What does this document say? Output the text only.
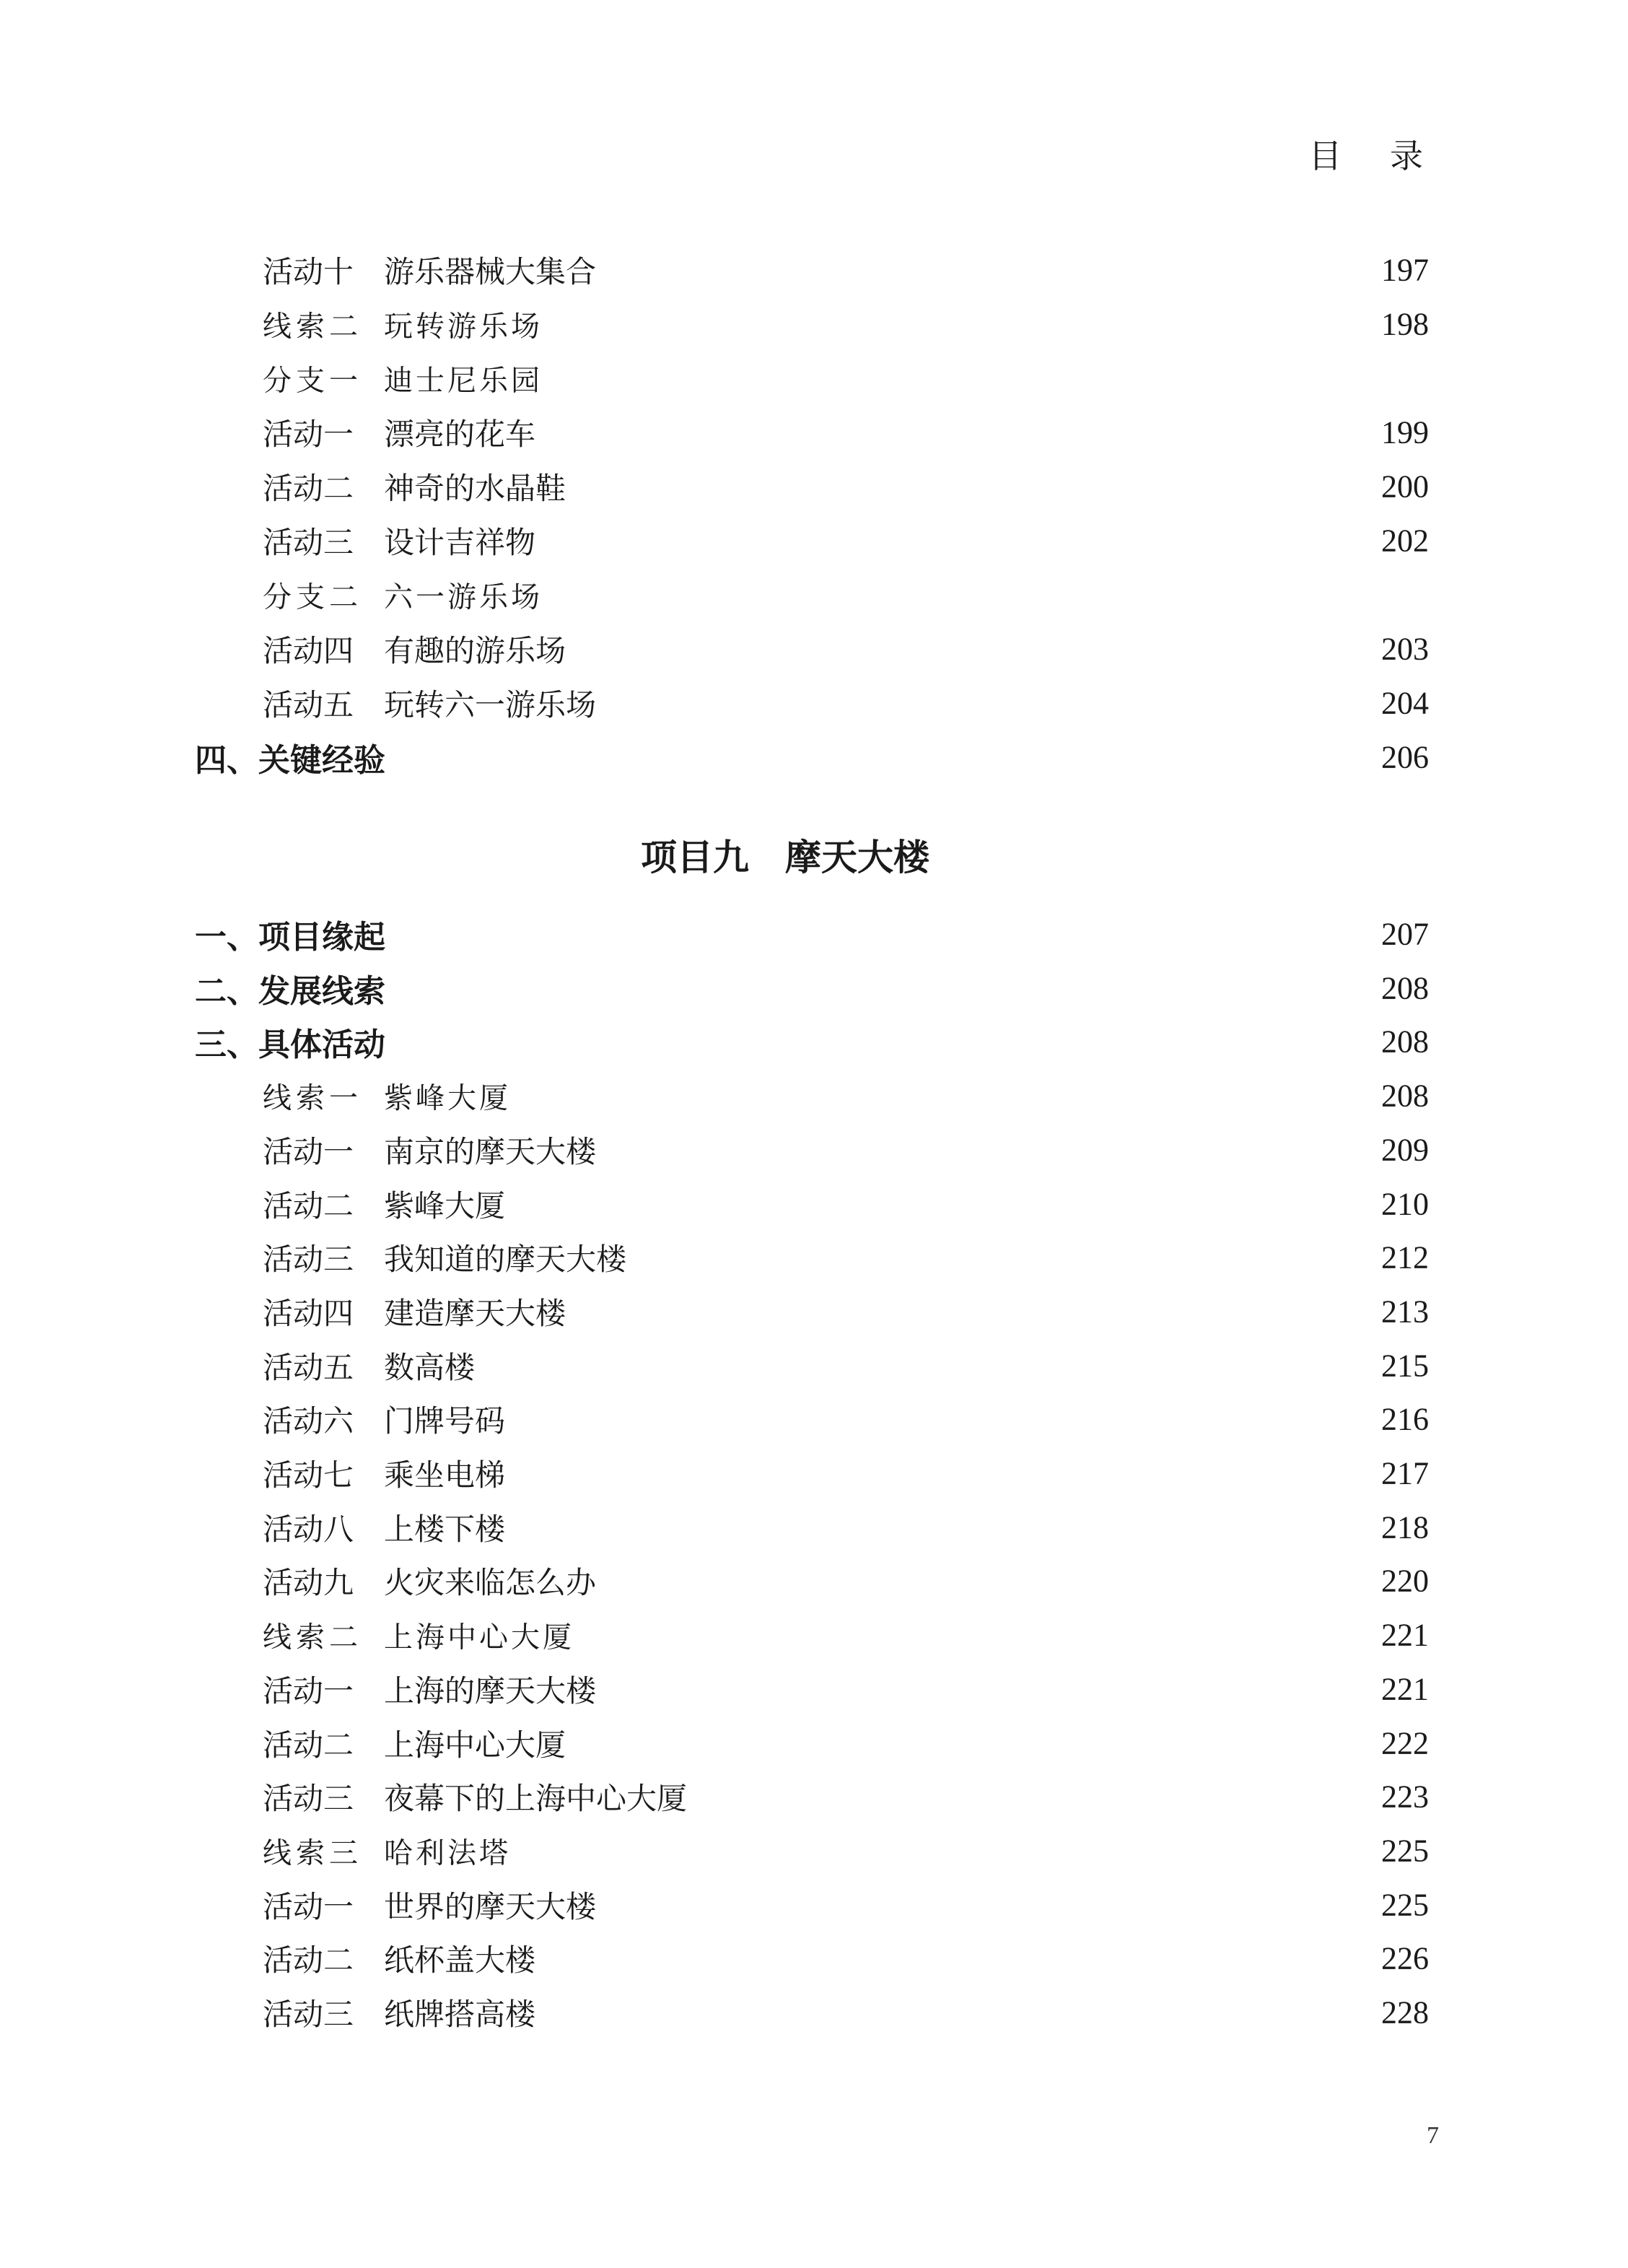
目 录
活动十 游乐器械大集合	197
线索二 玩转游乐场	198
分支一 迪士尼乐园
活动一 漂亮的花车	199
活动二 神奇的水晶鞋	200
活动三 设计吉祥物	202
分支二 六一游乐场
活动四 有趣的游乐场	203
活动五 玩转六一游乐场	204
四、关键经验	206
一、项目缘起	207
二、发展线索	208
三、具体活动	208
线索一 紫峰大厦	208
活动一 南京的摩天大楼	209
活动二 紫峰大厦	210
活动三 我知道的摩天大楼	212
活动四 建造摩天大楼	213
活动五 数高楼	215
活动六 门牌号码	216
活动七 乘坐电梯	217
活动八 上楼下楼	218
活动九 火灾来临怎么办	220
线索二 上海中心大厦	221
活动一 上海的摩天大楼	221
活动二 上海中心大厦	222
活动三 夜幕下的上海中心大厦	223
线索三 哈利法塔	225
活动一 世界的摩天大楼	225
活动二 纸杯盖大楼	226
活动三 纸牌搭高楼	228
项目九 摩天大楼
7
